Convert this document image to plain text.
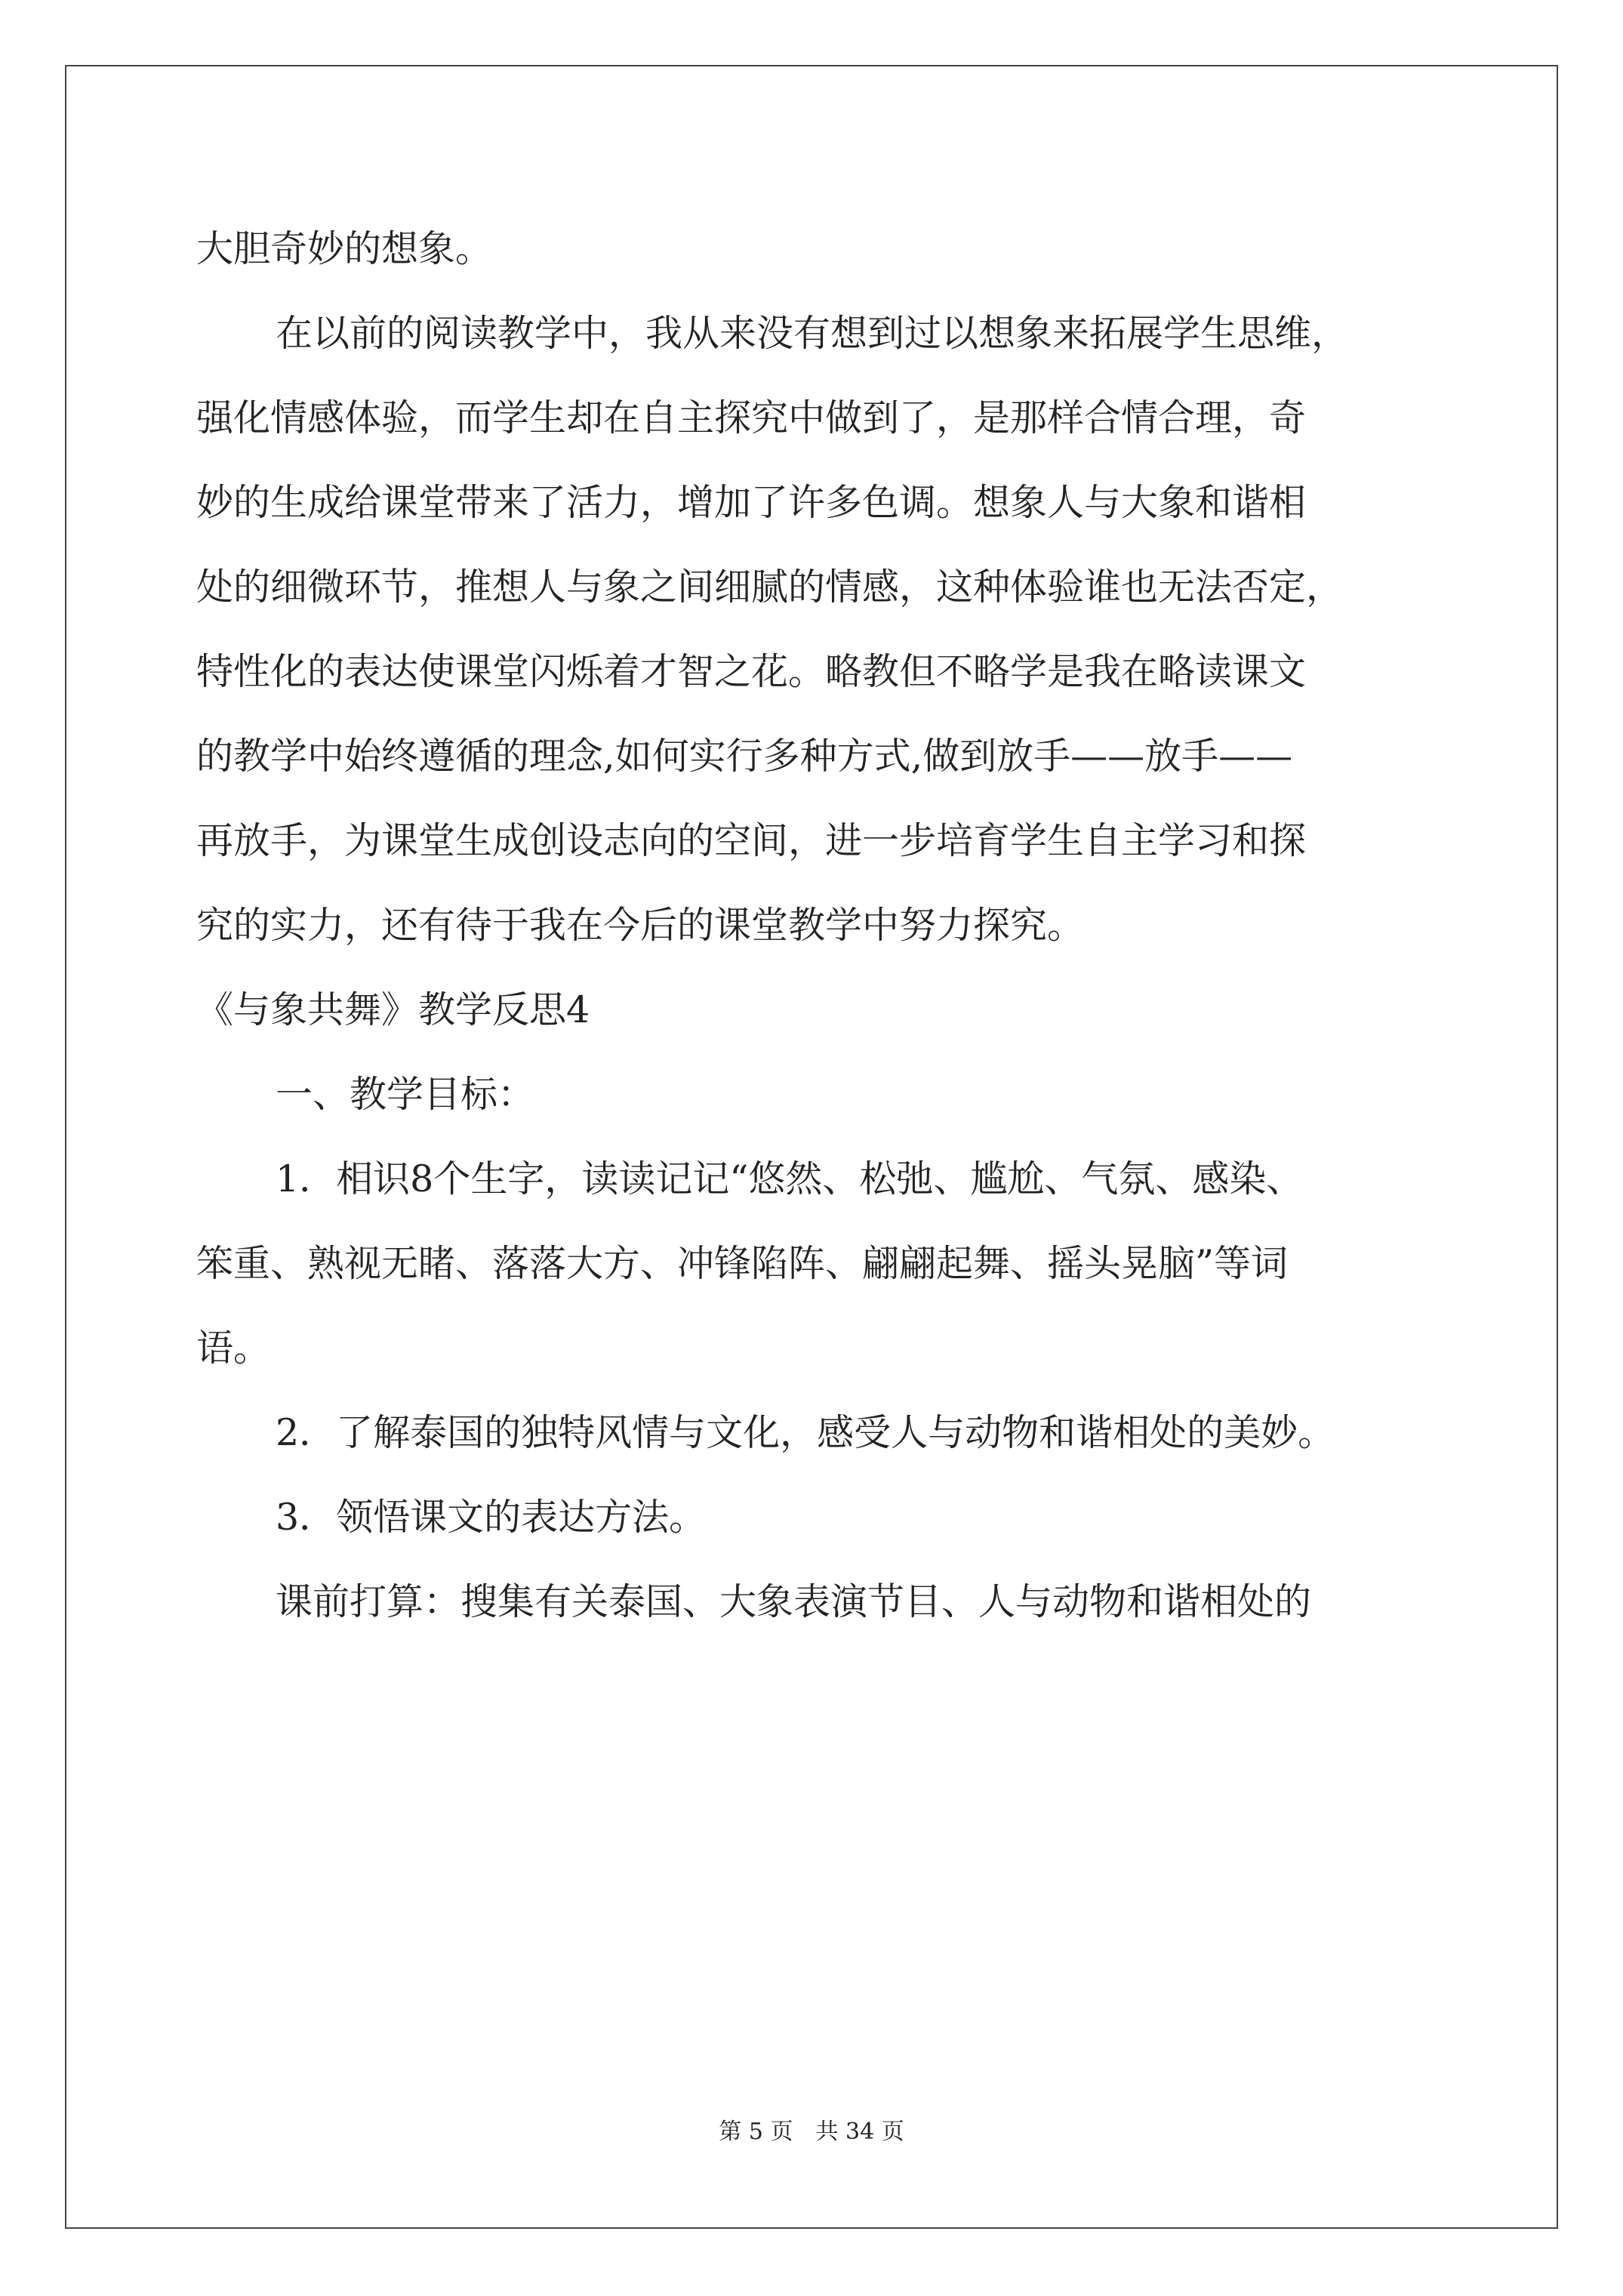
大胆奇妙的想象。
在以前的阅读教学中，我从来没有想到过以想象来拓展学生思维，
强化情感体验，而学生却在自主探究中做到了，是那样合情合理，奇
妙的生成给课堂带来了活力，增加了许多色调。想象人与大象和谐相
处的细微环节，推想人与象之间细腻的情感，这种体验谁也无法否定，
特性化的表达使课堂闪烁着才智之花。略教但不略学是我在略读课文
的教学中始终遵循的理念,如何实行多种方式,做到放手——放手——
再放手，为课堂生成创设志向的空间，进一步培育学生自主学习和探
究的实力，还有待于我在今后的课堂教学中努力探究。
《与象共舞》教学反思4
一、教学目标：
1．相识8个生字，读读记记“悠然、松弛、尴尬、气氛、感染、
笨重、熟视无睹、落落大方、冲锋陷阵、翩翩起舞、摇头晃脑”等词
语。
2．了解泰国的独特风情与文化，感受人与动物和谐相处的美妙。
3．领悟课文的表达方法。
课前打算：搜集有关泰国、大象表演节目、人与动物和谐相处的
第 5 页　共 34 页
